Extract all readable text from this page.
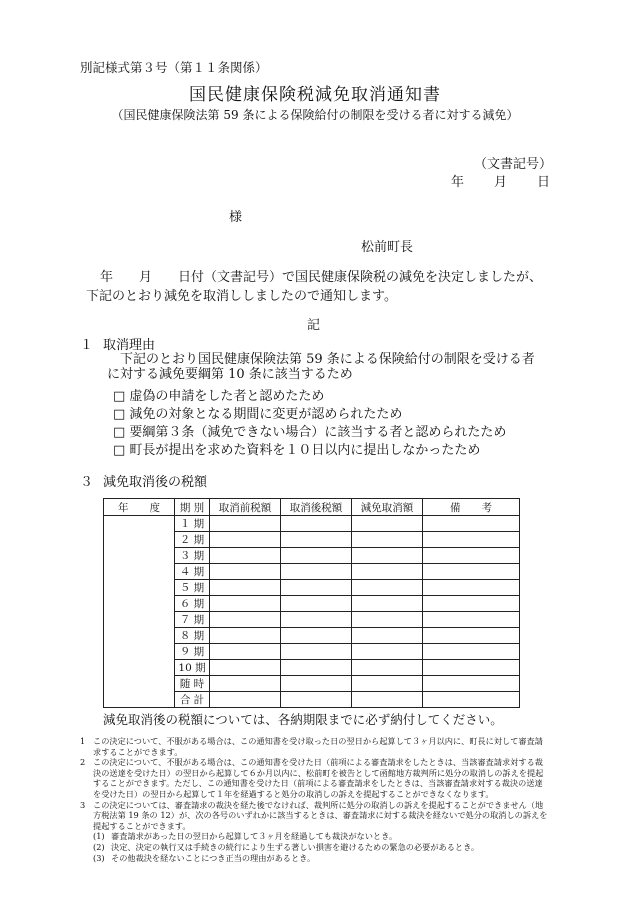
別記様式第３号（第１１条関係）
国民健康保険税減免取消通知書
（国民健康保険法第 59 条による保険給付の制限を受ける者に対する減免）
（文書記号）
年 月 日
様
松前町長
年　　月　　日付（文書記号）で国民健康保険税の減免を決定しましたが、
下記のとおり減免を取消ししましたので通知します。
記
１ 取消理由
下記のとおり国民健康保険法第 59 条による保険給付の制限を受ける者
に対する減免要綱第 10 条に該当するため
□ 虚偽の申請をした者と認めたため
□ 減免の対象となる期間に変更が認められたため
□ 要綱第３条（減免できない場合）に該当する者と認められたため
□ 町長が提出を求めた資料を１０日以内に提出しなかったため
３ 減免取消後の税額
年　　度	期 別	取消前税額	取消後税額	減免取消額	備　　考
	１ 期				
	２ 期				
	３ 期				
	４ 期				
	５ 期				
	６ 期				
	７ 期				
	８ 期				
	９ 期				
	10 期				
	随 時				
	合 計				
減免取消後の税額については、各納期限までに必ず納付してください。
1 この決定について、不服がある場合は、この通知書を受け取った日の翌日から起算して３ヶ月以内に、町長に対して審査請求することができます。
2 この決定について、不服がある場合は、この通知書を受けた日（前項による審査請求をしたときは、当該審査請求対する裁決の送達を受けた日）の翌日から起算して６か月以内に、松前町を被告として函館地方裁判所に処分の取消しの訴えを提起することができます。ただし、この通知書を受けた日（前項による審査請求をしたときは、当該審査請求対する裁決の送達を受けた日）の翌日から起算して１年を経過すると処分の取消しの訴えを提起することができなくなります。
3 この決定については、審査請求の裁決を経た後でなければ、裁判所に処分の取消しの訴えを提起することができません（地方税法第 19 条の 12）が、次の各号のいずれかに該当するときは、審査請求に対する裁決を経ないで処分の取消しの訴えを提起することができます。
(1) 審査請求があった日の翌日から起算して３ヶ月を経過しても裁決がないとき。
(2) 決定、決定の執行又は手続きの続行により生ずる著しい損害を避けるための緊急の必要があるとき。
(3) その他裁決を経ないことにつき正当の理由があるとき。
